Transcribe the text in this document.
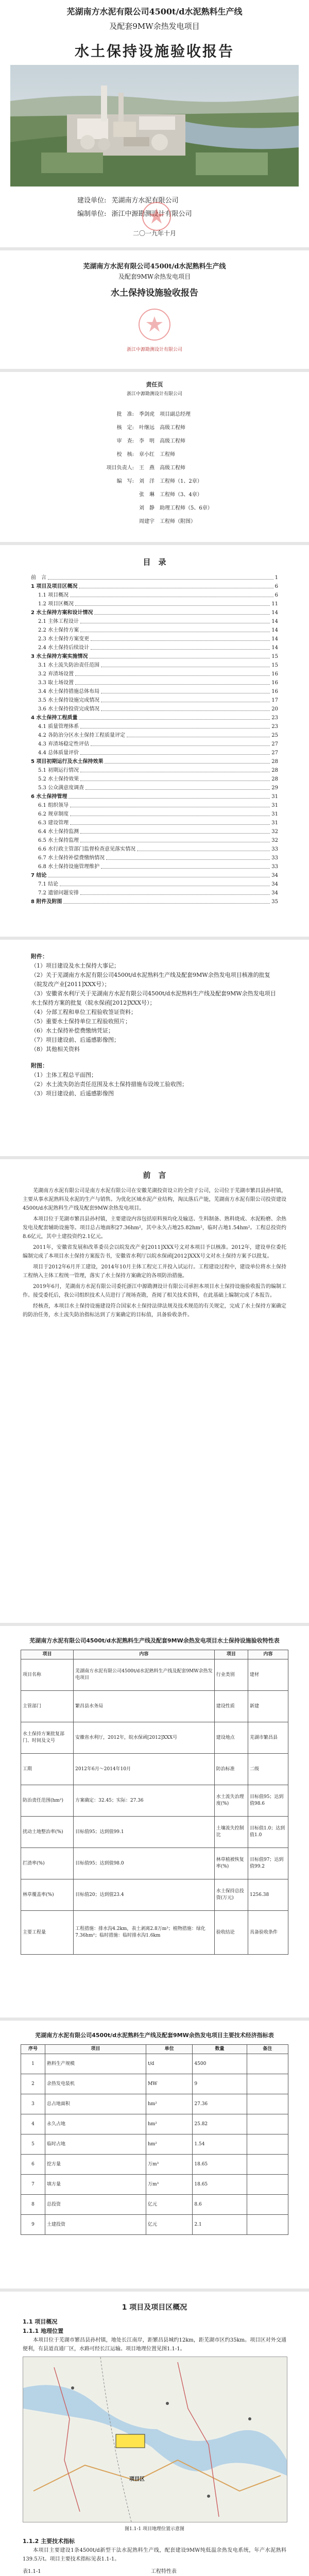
芜湖南方水泥有限公司4500t/d水泥熟料生产线
及配套9MW余热发电项目
水土保持设施验收报告
建设单位: 芜湖南方水泥有限公司
编制单位: 浙江中源勘测设计有限公司
二〇一九年十月
芜湖南方水泥有限公司4500t/d水泥熟料生产线
及配套9MW余热发电项目
水土保持设施验收报告
浙江中源勘测设计有限公司
责任页
浙江中源勘测设计有限公司
批　准: 季剑虎　项目副总经理
核　定: 叶继远　高级工程师
审　查: 李　明　高级工程师
校　核: 章小红　工程师
项目负责人: 王　燕　高级工程师
编　写: 刘　洋　工程师（1、2章）
张　琳　工程师（3、4章）
刘　静　助理工程师（5、6章）
周建宇　工程师（附图）
目　录
前　言	1
1 项目及项目区概况	6
1.1 项目概况	6
1.2 项目区概况	11
2 水土保持方案和设计情况	14
2.1 主体工程设计	14
2.2 水土保持方案	14
2.3 水土保持方案变更	14
2.4 水土保持后续设计	14
3 水土保持方案实施情况	15
3.1 水土流失防治责任范围	15
3.2 弃渣场设置	16
3.3 取土场设置	16
3.4 水土保持措施总体布局	16
3.5 水土保持设施完成情况	17
3.6 水土保持投资完成情况	20
4 水土保持工程质量	23
4.1 质量管理体系	23
4.2 各防治分区水土保持工程质量评定	25
4.3 弃渣场稳定性评估	27
4.4 总体质量评价	27
5 项目初期运行及水土保持效果	28
5.1 初期运行情况	28
5.2 水土保持效果	28
5.3 公众满意度调查	29
6 水土保持管理	31
6.1 组织领导	31
6.2 规章制度	31
6.3 建设管理	31
6.4 水土保持监测	32
6.5 水土保持监理	32
6.6 水行政主管部门监督检查意见落实情况	33
6.7 水土保持补偿费缴纳情况	33
6.8 水土保持设施管理维护	33
7 结论	34
7.1 结论	34
7.2 遗留问题安排	34
8 附件及附图	35
附件：
（1）项目建设及水土保持大事记；
（2）关于芜湖南方水泥有限公司4500t/d水泥熟料生产线及配套9MW余热发电项目核准的批复（皖发改产业[2011]XXX号）；
（3）安徽省水利厅关于芜湖南方水泥有限公司4500t/d水泥熟料生产线及配套9MW余热发电项目水土保持方案的批复（皖水保函[2012]XXX号）；
（4）分部工程和单位工程验收签证资料；
（5）重要水土保持单位工程验收照片；
（6）水土保持补偿费缴纳凭证；
（7）项目建设前、后遥感影像图；
（8）其他相关资料
附图：
（1）主体工程总平面图；
（2）水土流失防治责任范围及水土保持措施布设竣工验收图；
（3）项目建设前、后遥感影像图
前　言

芜湖南方水泥有限公司是南方水泥有限公司在安徽芜湖投资设立的全资子公司，公司位于芜湖市繁昌县孙村镇，主要从事水泥熟料及水泥的生产与销售。为优化区域水泥产业结构，淘汰落后产能，芜湖南方水泥有限公司投资建设4500t/d水泥熟料生产线及配套9MW余热发电项目。

本项目位于芜湖市繁昌县孙村镇，主要建设内容包括原料预均化及输送、生料制备、熟料烧成、水泥粉磨、余热发电及配套辅助设施等。项目总占地面积27.36hm²，其中永久占地25.82hm²，临时占地1.54hm²。工程总投资约8.6亿元，其中土建投资约2.1亿元。

2011年，安徽省发展和改革委员会以皖发改产业[2011]XXX号文对本项目予以核准。2012年，建设单位委托编制完成了本项目水土保持方案报告书，安徽省水利厅以皖水保函[2012]XXX号文对水土保持方案予以批复。

项目于2012年6月开工建设，2014年10月主体工程完工并投入试运行。工程建设过程中，建设单位将水土保持工程纳入主体工程统一管理，落实了水土保持方案确定的各项防治措施。

2019年6月，芜湖南方水泥有限公司委托浙江中源勘测设计有限公司承担本项目水土保持设施验收报告的编制工作。接受委托后，我公司组织技术人员进行了现场查勘，查阅了相关技术资料，在此基础上编制完成了本报告。

经核查，本项目水土保持设施建设符合国家水土保持法律法规及技术规范的有关规定，完成了水土保持方案确定的防治任务，水土流失防治指标达到了方案确定的目标值，具备验收条件。

芜湖南方水泥有限公司4500t/d水泥熟料生产线及配套9MW余热发电项目水土保持设施验收特性表
项目	内容	项目	内容
项目名称	芜湖南方水泥有限公司4500t/d水泥熟料生产线及配套9MW余热发电项目	行业类别	建材
主管部门	繁昌县水务局	建设性质	新建
水土保持方案批复部门、时间及文号	安徽省水利厅，2012年，皖水保函[2012]XXX号	建设地点	芜湖市繁昌县
工期	2012年6月～2014年10月	防治标准	二级
防治责任范围(hm²)	方案确定：32.45；实际：27.36	水土流失治理度(%)	目标值95；达到值98.6
扰动土地整治率(%)	目标值95；达到值99.1	土壤流失控制比	目标值1.0；达到值1.0
拦渣率(%)	目标值95；达到值98.0	林草植被恢复率(%)	目标值97；达到值99.2
林草覆盖率(%)	目标值20；达到值23.4	水土保持总投资(万元)	1256.38
主要工程量	工程措施：排水沟4.2km，表土剥离2.8万m³；植物措施：绿化7.36hm²；临时措施：临时排水沟1.6km	验收结论	具备验收条件
芜湖南方水泥有限公司4500t/d水泥熟料生产线及配套9MW余热发电项目主要技术经济指标表
序号	项目	单位	数量	备注
1	熟料生产规模	t/d	4500	
2	余热发电装机	MW	9	
3	总占地面积	hm²	27.36	
4	永久占地	hm²	25.82	
5	临时占地	hm²	1.54	
6	挖方量	万m³	18.65	
7	填方量	万m³	18.65	
8	总投资	亿元	8.6	
9	土建投资	亿元	2.1	
1 项目及项目区概况
1.1 项目概况
1.1.1 地理位置

本项目位于芜湖市繁昌县孙村镇，地处长江南岸，距繁昌县城约12km，距芜湖市区约35km。项目区对外交通便利，有县道直通厂区，水路可经长江运输。项目地理位置见图1.1-1。

项目区
图1.1-1 项目地理位置示意图
1.1.2 主要技术指标

本项目主要建设1条4500t/d新型干法水泥熟料生产线，配套建设9MW纯低温余热发电系统，年产水泥熟料139.5万t。项目主要技术指标见表1.1-1。

表1.1-1	工程特性表
